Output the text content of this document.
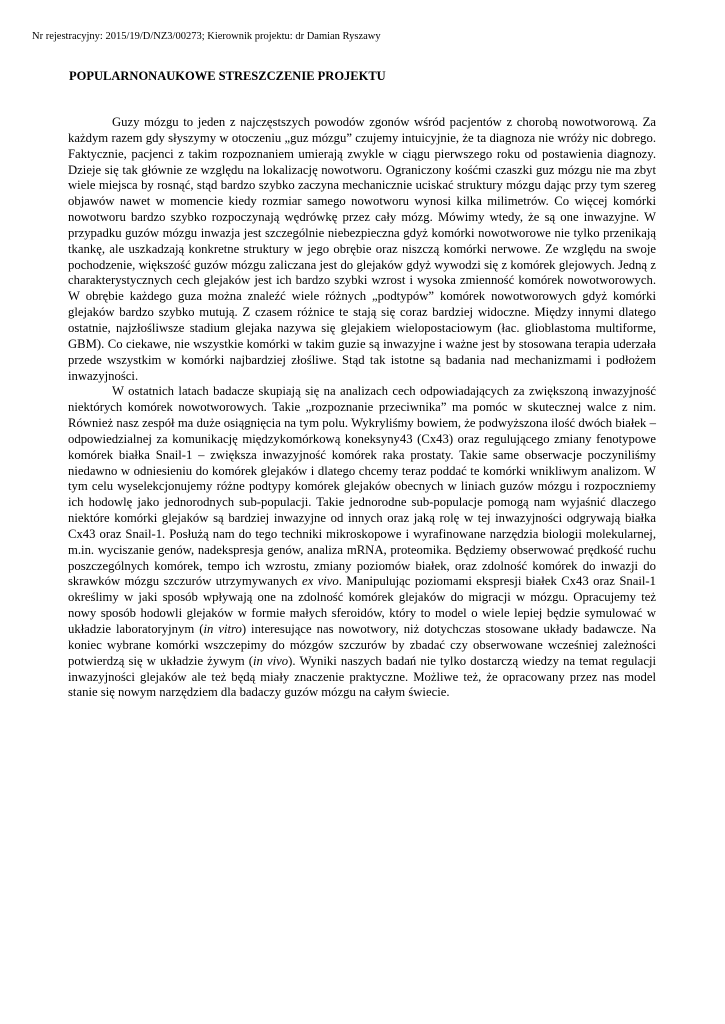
Nr rejestracyjny: 2015/19/D/NZ3/00273; Kierownik projektu: dr Damian Ryszawy
POPULARNONAUKOWE STRESZCZENIE PROJEKTU

Guzy mózgu to jeden z najczęstszych powodów zgonów wśród pacjentów z chorobą nowotworową. Za każdym razem gdy słyszymy w otoczeniu „guz mózgu” czujemy intuicyjnie, że ta diagnoza nie wróży nic dobrego. Faktycznie, pacjenci z takim rozpoznaniem umierają zwykle w ciągu pierwszego roku od postawienia diagnozy. Dzieje się tak głównie ze względu na lokalizację nowotworu. Ograniczony kośćmi czaszki guz mózgu nie ma zbyt wiele miejsca by rosnąć, stąd bardzo szybko zaczyna mechanicznie uciskać struktury mózgu dając przy tym szereg objawów nawet w momencie kiedy rozmiar samego nowotworu wynosi kilka milimetrów. Co więcej komórki nowotworu bardzo szybko rozpoczynają wędrówkę przez cały mózg. Mówimy wtedy, że są one inwazyjne. W przypadku guzów mózgu inwazja jest szczególnie niebezpieczna gdyż komórki nowotworowe nie tylko przenikają tkankę, ale uszkadzają konkretne struktury w jego obrębie oraz niszczą komórki nerwowe. Ze względu na swoje pochodzenie, większość guzów mózgu zaliczana jest do glejaków gdyż wywodzi się z komórek glejowych. Jedną z charakterystycznych cech glejaków jest ich bardzo szybki wzrost i wysoka zmienność komórek nowotworowych. W obrębie każdego guza można znaleźć wiele różnych „podtypów” komórek nowotworowych gdyż komórki glejaków bardzo szybko mutują. Z czasem różnice te stają się coraz bardziej widoczne. Między innymi dlatego ostatnie, najzłośliwsze stadium glejaka nazywa się glejakiem wielopostaciowym (łac. glioblastoma multiforme, GBM). Co ciekawe, nie wszystkie komórki w takim guzie są inwazyjne i ważne jest by stosowana terapia uderzała przede wszystkim w komórki najbardziej złośliwe. Stąd tak istotne są badania nad mechanizmami i podłożem inwazyjności.

W ostatnich latach badacze skupiają się na analizach cech odpowiadających za zwiększoną inwazyjność niektórych komórek nowotworowych. Takie „rozpoznanie przeciwnika” ma pomóc w skutecznej walce z nim. Również nasz zespół ma duże osiągnięcia na tym polu. Wykryliśmy bowiem, że podwyższona ilość dwóch białek – odpowiedzialnej za komunikację międzykomórkową koneksyny43 (Cx43) oraz regulującego zmiany fenotypowe komórek białka Snail-1 – zwiększa inwazyjność komórek raka prostaty. Takie same obserwacje poczyniliśmy niedawno w odniesieniu do komórek glejaków i dlatego chcemy teraz poddać te komórki wnikliwym analizom. W tym celu wyselekcjonujemy różne podtypy komórek glejaków obecnych w liniach guzów mózgu i rozpoczniemy ich hodowlę jako jednorodnych sub-populacji. Takie jednorodne sub-populacje pomogą nam wyjaśnić dlaczego niektóre komórki glejaków są bardziej inwazyjne od innych oraz jaką rolę w tej inwazyjności odgrywają białka Cx43 oraz Snail-1. Posłużą nam do tego techniki mikroskopowe i wyrafinowane narzędzia biologii molekularnej, m.in. wyciszanie genów, nadekspresja genów, analiza mRNA, proteomika. Będziemy obserwować prędkość ruchu poszczególnych komórek, tempo ich wzrostu, zmiany poziomów białek, oraz zdolność komórek do inwazji do skrawków mózgu szczurów utrzymywanych ex vivo. Manipulując poziomami ekspresji białek Cx43 oraz Snail-1 określimy w jaki sposób wpływają one na zdolność komórek glejaków do migracji w mózgu. Opracujemy też nowy sposób hodowli glejaków w formie małych sferoidów, który to model o wiele lepiej będzie symulować w układzie laboratoryjnym (in vitro) interesujące nas nowotwory, niż dotychczas stosowane układy badawcze. Na koniec wybrane komórki wszczepimy do mózgów szczurów by zbadać czy obserwowane wcześniej zależności potwierdzą się w układzie żywym (in vivo). Wyniki naszych badań nie tylko dostarczą wiedzy na temat regulacji inwazyjności glejaków ale też będą miały znaczenie praktyczne. Możliwe też, że opracowany przez nas model stanie się nowym narzędziem dla badaczy guzów mózgu na całym świecie.
